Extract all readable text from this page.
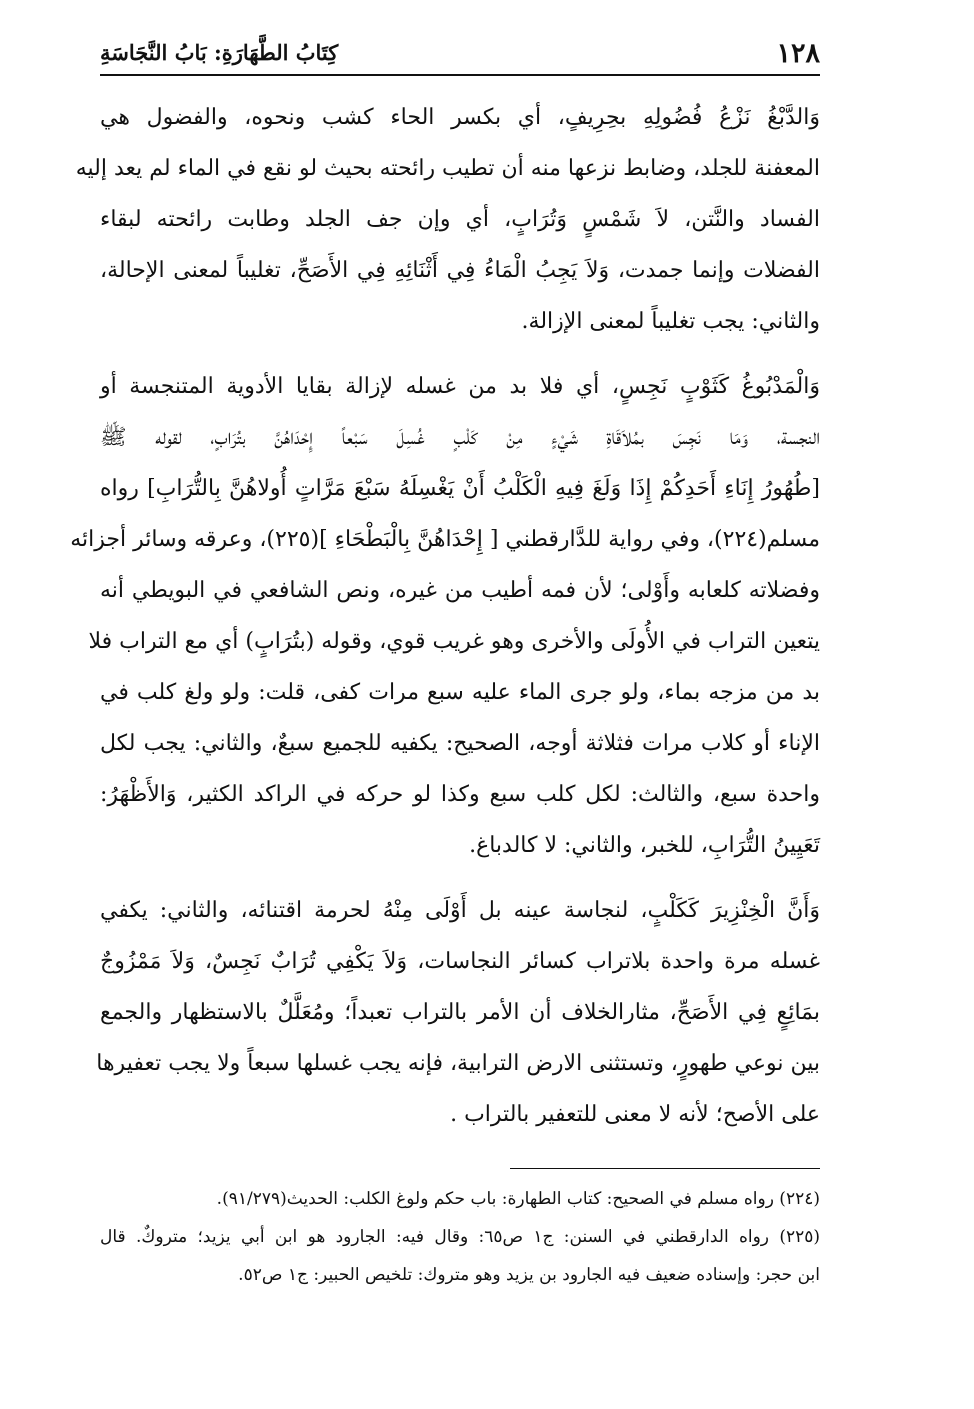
١٢٨
كِتَابُ الطَّهَارَةِ: بَابُ النَّجَاسَةِ
وَالدَّبْغُ نَزْعُ فُضُولِهِ بحِرِيفٍ، أي بكسر الحاء كشب ونحوه، والفضول هي
المعفنة للجلد، وضابط نزعها منه أن تطيب رائحته بحيث لو نقع في الماء لم يعد إليه
الفساد والنَّتن، لاَ شَمْسٍ وَتُرَابٍ، أي وإن جف الجلد وطابت رائحته لبقاء
الفضلات وإنما جمدت، وَلاَ يَجِبُ الْمَاءُ فِي أَثْنَائِهِ فِي الأَصَحِّ، تغليباً لمعنى الإحالة،
والثاني: يجب تغليباً لمعنى الإزالة.
وَالْمَدْبُوغُ كَثَوْبٍ نَجِسٍ، أي فلا بد من غسله لإزالة بقايا الأدوية المتنجسة أو
النجسة، وَمَا نَجِسَ بمُلاَقَاةِ شَيْءٍ مِنْ كَلْبٍ غُسِلَ سَبْعاً إِحْدَاهُنَّ بتُرَابٍ، لقوله ﷺ
[طُهُورُ إِنَاءِ أَحَدِكُمْ إِذَا وَلَغَ فِيهِ الْكَلْبُ أَنْ يَغْسِلَهُ سَبْعَ مَرَّاتٍ أُولاهُنَّ بِالتُّرَابِ] رواه
مسلم(٢٢٤)، وفي رواية للدَّارقطني [ إِحْدَاهُنَّ بِالْبَطْحَاءِ ](٢٢٥)، وعرقه وسائر أجزائه
وفضلاته كلعابه وأَوْلى؛ لأن فمه أطيب من غيره، ونص الشافعي في البويطي أنه
يتعين التراب في الأُولَى والأخرى وهو غريب قوي، وقوله (بتُرَابٍ) أي مع التراب فلا
بد من مزجه بماء، ولو جرى الماء عليه سبع مرات كفى، قلت: ولو ولغ كلب في
الإناء أو كلاب مرات فثلاثة أوجه، الصحيح: يكفيه للجميع سبعٌ، والثاني: يجب لكل
واحدة سبع، والثالث: لكل كلب سبع وكذا لو حركه في الراكد الكثير، وَالأَظْهَرُ:
تَعَيِينُ التُّرَابِ، للخبر، والثاني: لا كالدباغ.
وَأَنَّ الْخِنْزِيرَ كَكَلْبٍ، لنجاسة عينه بل أَوْلَى مِنْهُ لحرمة اقتنائه، والثاني: يكفي
غسله مرة واحدة بلاتراب كسائر النجاسات، وَلاَ يَكْفِي تُرَابٌ نَجِسٌ، وَلاَ مَمْزُوجٌ
بمَائِعٍ فِي الأَصَحِّ، مثارالخلاف أن الأمر بالتراب تعبداً؛ ومُعَلَّلٌ بالاستظهار والجمع
بين نوعي طهورٍ، وتستثنى الارض الترابية، فإنه يجب غسلها سبعاً ولا يجب تعفيرها
على الأصح؛ لأنه لا معنى للتعفير بالتراب .
(٢٢٤) رواه مسلم في الصحيح: كتاب الطهارة: باب حكم ولوغ الكلب: الحديث(٩١/٢٧٩).
(٢٢٥) رواه الدارقطني في السنن: ج١ ص٦٥: وقال فيه: الجارود هو ابن أبي يزيد؛ متروكٌ. قال
ابن حجر: وإسناده ضعيف فيه الجارود بن يزيد وهو متروك: تلخيص الحبير: ج١ ص٥٢.
